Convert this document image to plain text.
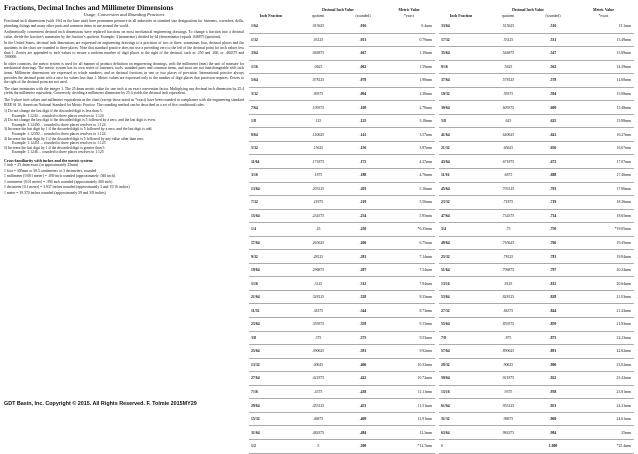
Fractions, Decimal Inches and Millimeter Dimensions
Usage, Conversion and Rounding Practices

Fractional inch dimensions (with 1/64 as the base unit) have permanent presence in all industries as standard size designations for fasteners, wrenches, drills, plumbing fittings and many other parts and common items in use around the world.

Arithmetically convenient decimal inch dimensions have replaced fractions on most mechanical engineering drawings. To change a fraction into a decimal value, divide the fraction’s numerator by the fraction’s quotient. Example: 3 (numerator) divided by 64 (denominator) equals .046875 (quotient).

In the United States, decimal inch dimensions are expressed on engineering drawings to a precision of two or three, sometimes four, decimal places and the quotients in the chart are rounded to three places. Note that standard practice does not use a preceding zero to the left of the decimal point for inch values less than 1. Zeroes are appended to inch values to ensure a uniform number of digit places to the right of the decimal, such as .250 and .260, or .484375 and .500000.

In other countries, the metric system is used for all manner of product definition on engineering drawings, with the millimeter (mm) the unit of measure for mechanical drawings. The metric system has its own series of fasteners, tools, standard parts and common items, and most are not interchangeable with inch items. Millimeter dimensions are expressed as whole numbers, and as decimal fractions in one or two places of precision. International practice always precedes the decimal point with a zero for values less than 1. Metric values are expressed only to the number of digit places that precision requires. Zeroes to the right of the decimal point are not used.

The chart terminates with the integer 1. The 25.4mm metric value for one inch is an exact conversion factor. Multiplying any decimal inch dimension by 25.4 yields the millimeter equivalent. Conversely, dividing a millimeter dimension by 25.4 yields the decimal inch equivalent.

The 5-place inch values and millimeter equivalents in the chart (except those noted as *exact) have been rounded in compliance with the engineering standard IEEE SI 10, American National Standard for Metric Practice. The rounding method can be described as a set of five conditional rules:

1) Do not change the last digit if the discarded digit is less than 5.
Example: 1.1244… rounded to three places resolves to 1.124
2) Do not change the last digit if the discarded digit is 5 followed by a zero, and the last digit is even.
Example: 1.12450… rounded to three places resolves to 1.124
3) Increase the last digit by 1 if the discarded digit is 5 followed by a zero, and the last digit is odd.
Example: 1.12350… rounded to three places resolves to 1.124
4) Increase the last digit by 1 if the discarded digit is 5 followed by any value other than zero.
Example: 1.12451… rounded to three places resolves to 1.125
5) Increase the last digit by 1 if the discarded digit is greater than 5.
Example: 1.1246… rounded to three places resolves to 1.125
Cross-familiarity with inches and the metric system:
1 inch = 25.4mm exact (or approximately 25mm)
1 foot = 305mm or 30.5 centimeters or 3 decimeters, rounded
1 millimeter [0.001 meter] = .039 inch rounded (approximately .040 inch)
1 centimeter [0.01 meter] = .394 inch rounded (approximately 400 inch)
1 decimeter [0.1 meter] = 3.937 inches rounded (approximately 3 and 15/16 inches)
1 meter = 39.370 inches rounded (approximately 39 and 3/8 inches)
GDT Basin, Inc. Copyright © 2015. All Rights Reserved. F. Tolmie 2015MY29
Inch Fraction	Decimal Inch Value		Metric Value

	quotient	(rounded)	*exact

1/64	.015625	.016	0.4mm
1/32	.03125	.031	0.79mm
3/64	.046875	.047	1.19mm
1/16	.0625	.062	1.59mm
5/64	.078125	.078	1.98mm
3/32	.09375	.094	2.38mm
7/64	.109375	.109	2.78mm
1/8	.125	.125	3.18mm
9/64	.140625	.141	3.57mm
5/32	.15625	.156	3.97mm
11/64	.171875	.172	4.37mm
3/16	.1875	.188	4.76mm
13/64	.203125	.203	5.16mm
7/32	.21875	.219	5.56mm
15/64	.234375	.234	5.95mm
1/4	.25	.250	*6.35mm
17/64	.265625	.266	6.75mm
9/32	.28125	.281	7.14mm
19/64	.296875	.297	7.54mm
5/16	.3125	.312	7.94mm
21/64	.328125	.328	8.33mm
11/32	.34375	.344	8.73mm
23/64	.359375	.359	9.13mm
3/8	.375	.375	9.53mm
25/64	.390625	.391	9.92mm
13/32	.40625	.406	10.32mm
27/64	.421875	.422	10.72mm
7/16	.4375	.438	11.11mm
29/64	.453125	.453	11.51mm
15/32	.46875	.469	11.91mm
31/64	.484375	.484	12.3mm
1/2	.5	.500	*12.7mm
Inch Fraction	Decimal Inch Value		Metric Value

	quotient	(rounded)	*exact

33/64	.515625	.516	13.1mm
17/32	.53125	.531	13.49mm
35/64	.546875	.547	13.89mm
9/16	.5625	.562	14.29mm
37/64	.578125	.578	14.68mm
19/32	.59375	.594	15.08mm
39/64	.609375	.609	15.48mm
5/8	.625	.625	15.88mm
41/64	.640625	.641	16.27mm
21/32	.65625	.656	16.67mm
43/64	.671875	.672	17.07mm
11/16	.6875	.688	17.46mm
45/64	.703125	.703	17.86mm
23/32	.71875	.719	18.26mm
47/64	.734375	.734	18.65mm
3/4	.75	.750	*19.05mm
49/64	.765625	.766	19.45mm
25/32	.78125	.781	19.84mm
51/64	.796875	.797	20.24mm
13/16	.8125	.812	20.64mm
53/64	.828125	.828	21.03mm
27/32	.84375	.844	21.43mm
55/64	.859375	.859	21.83mm
7/8	.875	.875	22.23mm
57/64	.890625	.891	22.62mm
29/32	.90625	.906	23.02mm
59/64	.921875	.922	23.42mm
15/16	.9375	.938	23.81mm
61/64	.953125	.953	24.21mm
31/32	.96875	.969	24.61mm
63/64	.984375	.984	25mm
1		1.000	*25.4mm
